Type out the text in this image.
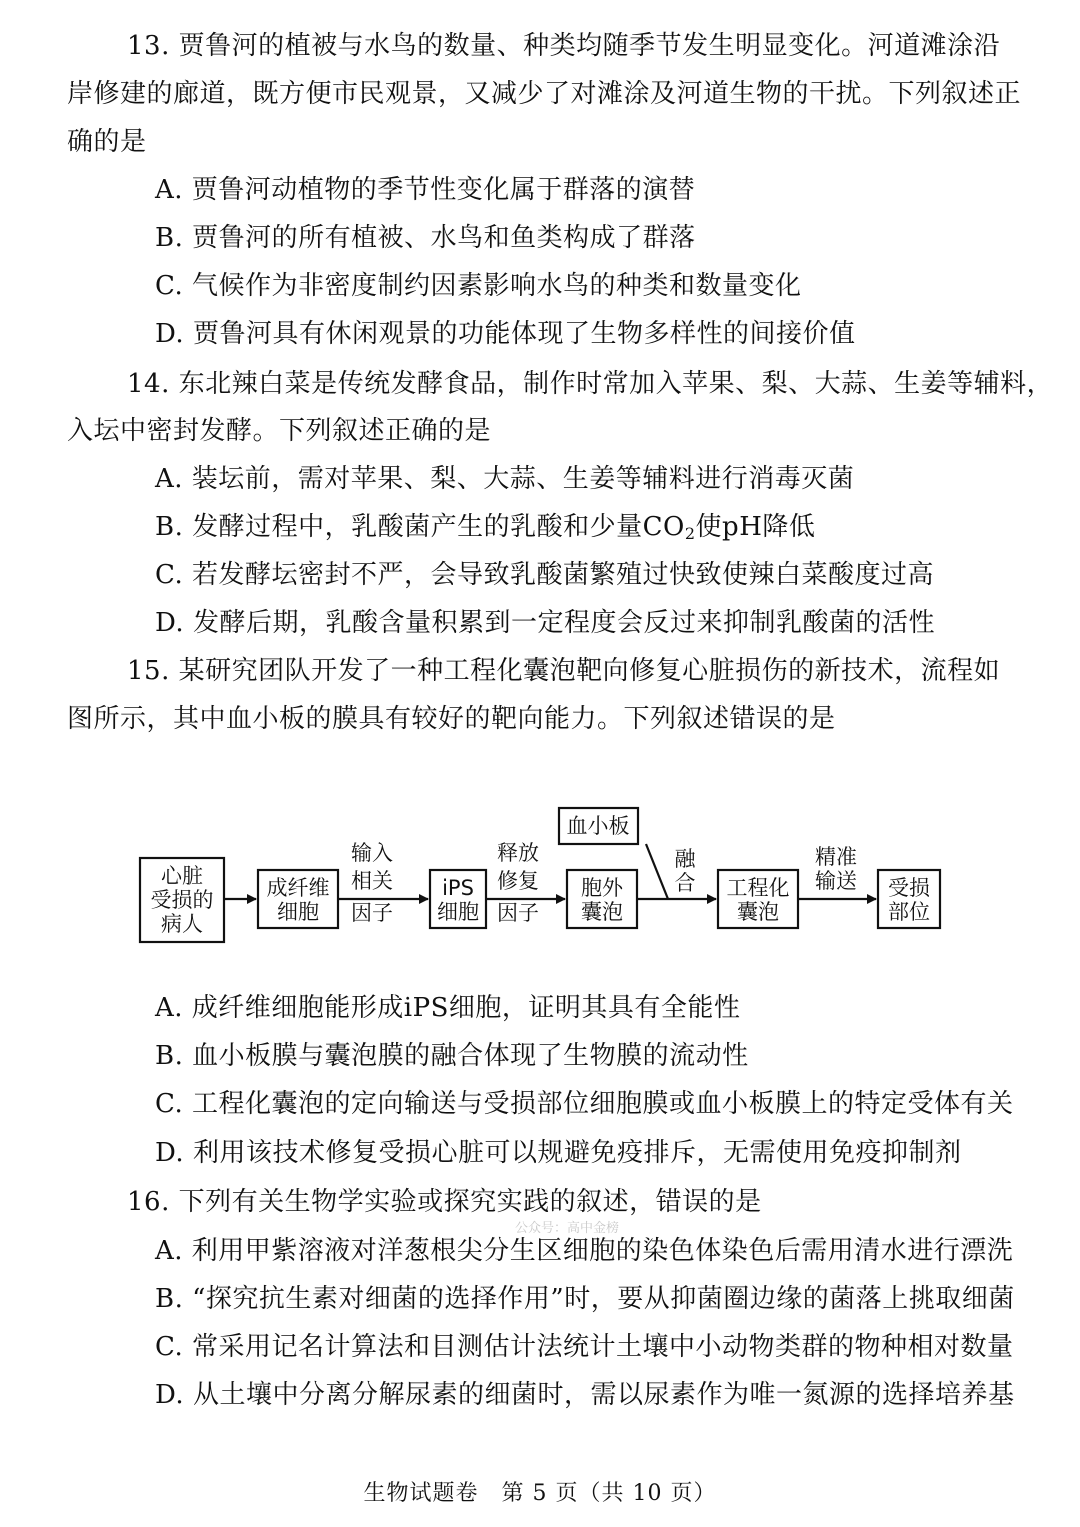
13. 贾鲁河的植被与水鸟的数量、种类均随季节发生明显变化。河道滩涂沿
岸修建的廊道，既方便市民观景，又减少了对滩涂及河道生物的干扰。下列叙述正
确的是
A. 贾鲁河动植物的季节性变化属于群落的演替
B. 贾鲁河的所有植被、水鸟和鱼类构成了群落
C. 气候作为非密度制约因素影响水鸟的种类和数量变化
D. 贾鲁河具有休闲观景的功能体现了生物多样性的间接价值
14. 东北辣白菜是传统发酵食品，制作时常加入苹果、梨、大蒜、生姜等辅料，
入坛中密封发酵。下列叙述正确的是
A. 装坛前，需对苹果、梨、大蒜、生姜等辅料进行消毒灭菌
B. 发酵过程中，乳酸菌产生的乳酸和少量$CO_2$使pH降低
C. 若发酵坛密封不严，会导致乳酸菌繁殖过快致使辣白菜酸度过高
D. 发酵后期，乳酸含量积累到一定程度会反过来抑制乳酸菌的活性
15. 某研究团队开发了一种工程化囊泡靶向修复心脏损伤的新技术，流程如
图所示，其中血小板的膜具有较好的靶向能力。下列叙述错误的是
心脏
受损的
病人
成纤维
细胞
输入
相关
因子
iPS
细胞
释放
修复
因子
胞外
囊泡
血小板
融
合 工程化
囊泡
精准
输送 受损
部位
A. 成纤维细胞能形成iPS细胞，证明其具有全能性
B. 血小板膜与囊泡膜的融合体现了生物膜的流动性
C. 工程化囊泡的定向输送与受损部位细胞膜或血小板膜上的特定受体有关
D. 利用该技术修复受损心脏可以规避免疫排斥，无需使用免疫抑制剂
16. 下列有关生物学实验或探究实践的叙述，错误的是
公众号：高中金榜
A. 利用甲紫溶液对洋葱根尖分生区细胞的染色体染色后需用清水进行漂洗
B. “探究抗生素对细菌的选择作用”时，要从抑菌圈边缘的菌落上挑取细菌
C. 常采用记名计算法和目测估计法统计土壤中小动物类群的物种相对数量
D. 从土壤中分离分解尿素的细菌时，需以尿素作为唯一氮源的选择培养基
生物试题卷　第 5 页（共 10 页）
